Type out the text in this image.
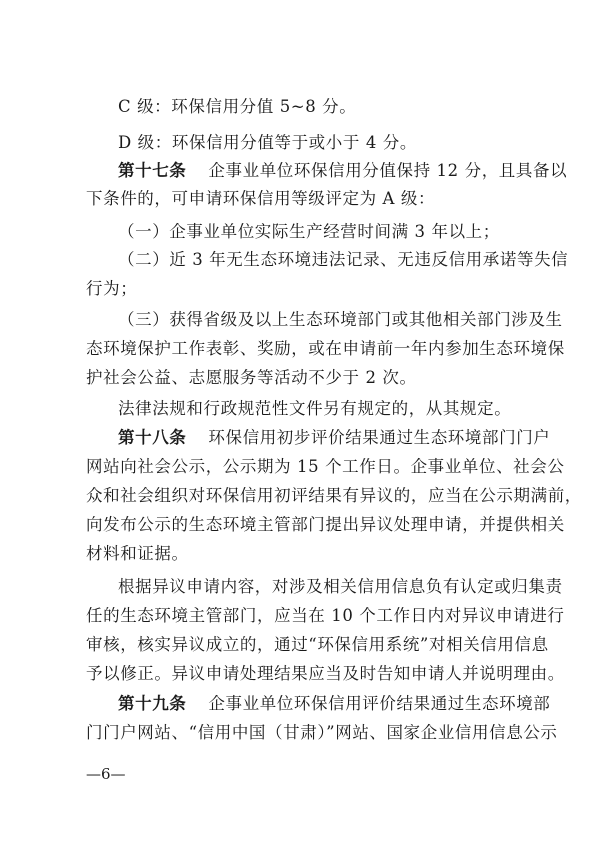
C 级：环保信用分值 5~8 分。
D 级：环保信用分值等于或小于 4 分。
第十七条 企事业单位环保信用分值保持 12 分，且具备以
下条件的，可申请环保信用等级评定为 A 级：
（一）企事业单位实际生产经营时间满 3 年以上；
（二）近 3 年无生态环境违法记录、无违反信用承诺等失信
行为；
（三）获得省级及以上生态环境部门或其他相关部门涉及生
态环境保护工作表彰、奖励，或在申请前一年内参加生态环境保
护社会公益、志愿服务等活动不少于 2 次。
法律法规和行政规范性文件另有规定的，从其规定。
第十八条 环保信用初步评价结果通过生态环境部门门户
网站向社会公示，公示期为 15 个工作日。企事业单位、社会公
众和社会组织对环保信用初评结果有异议的，应当在公示期满前，
向发布公示的生态环境主管部门提出异议处理申请，并提供相关
材料和证据。
根据异议申请内容，对涉及相关信用信息负有认定或归集责
任的生态环境主管部门，应当在 10 个工作日内对异议申请进行
审核，核实异议成立的，通过“环保信用系统”对相关信用信息
予以修正。异议申请处理结果应当及时告知申请人并说明理由。
第十九条 企事业单位环保信用评价结果通过生态环境部
门门户网站、“信用中国（甘肃）”网站、国家企业信用信息公示
—6—
